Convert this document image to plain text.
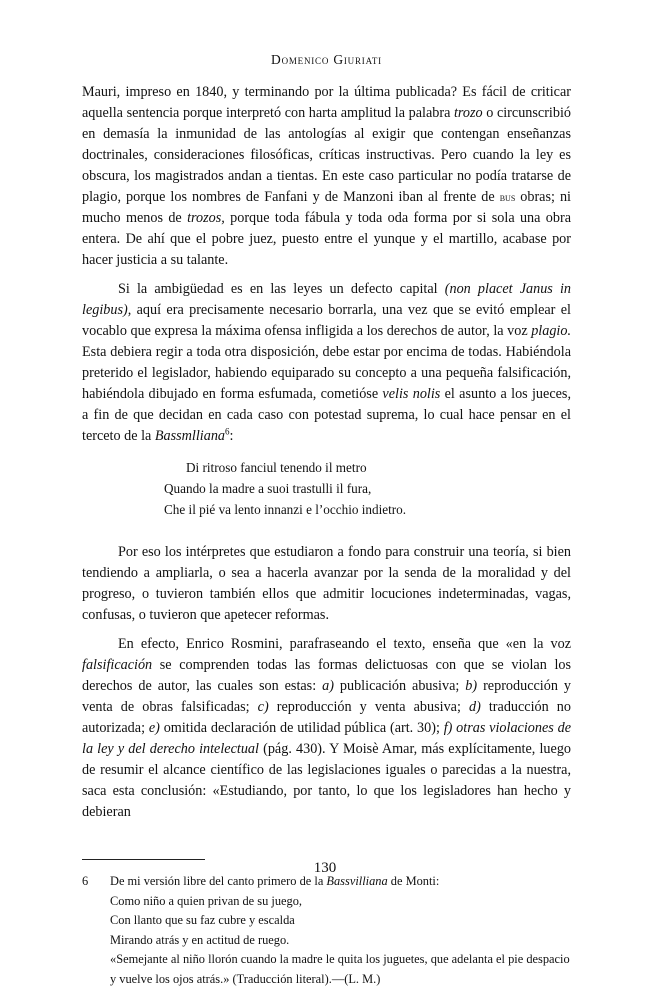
Domenico Giuriati

Mauri, impreso en 1840, y terminando por la última publicada? Es fácil de criticar aquella sentencia porque interpretó con harta amplitud la palabra trozo o circunscribió en demasía la inmunidad de las antologías al exigir que contengan enseñanzas doctrinales, consideraciones filosóficas, críticas instructivas. Pero cuando la ley es obscura, los magistrados andan a tientas. En este caso particular no podía tratarse de plagio, porque los nombres de Fanfani y de Manzoni iban al frente de bus obras; ni mucho menos de trozos, porque toda fábula y toda oda forma por si sola una obra entera. De ahí que el pobre juez, puesto entre el yunque y el martillo, acabase por hacer justicia a su talante.

Si la ambigüedad es en las leyes un defecto capital (non placet Janus in legibus), aquí era precisamente necesario borrarla, una vez que se evitó emplear el vocablo que expresa la máxima ofensa infligida a los derechos de autor, la voz plagio. Esta debiera regir a toda otra disposición, debe estar por encima de todas. Habiéndola preterido el legislador, habiendo equiparado su concepto a una pequeña falsificación, habiéndola dibujado en forma esfumada, cometióse velis nolis el asunto a los jueces, a fin de que decidan en cada caso con potestad suprema, lo cual hace pensar en el terceto de la Bassmlliana$^6$:

Di ritroso fanciul tenendo il metro
Quando la madre a suoi trastulli il fura,
Che il pié va lento innanzi e l’occhio indietro.

Por eso los intérpretes que estudiaron a fondo para construir una teoría, si bien tendiendo a ampliarla, o sea a hacerla avanzar por la senda de la moralidad y del progreso, o tuvieron también ellos que admitir locuciones indeterminadas, vagas, confusas, o tuvieron que apetecer reformas.

En efecto, Enrico Rosmini, parafraseando el texto, enseña que «en la voz falsificación se comprenden todas las formas delictuosas con que se violan los derechos de autor, las cuales son estas: a) publicación abusiva; b) reproducción y venta de obras falsificadas; c) reproducción y venta abusiva; d) traducción no autorizada; e) omitida declaración de utilidad pública (art. 30); f) otras violaciones de la ley y del derecho intelectual (pág. 430). Y Moisè Amar, más explícitamente, luego de resumir el alcance científico de las legislaciones iguales o parecidas a la nuestra, saca esta conclusión: «Estudiando, por tanto, lo que los legisladores han hecho y debieran

6	De mi versión libre del canto primero de la Bassvilliana de Monti:
Como niño a quien privan de su juego,
Con llanto que su faz cubre y escalda
Mirando atrás y en actitud de ruego.
«Semejante al niño llorón cuando la madre le quita los juguetes, que adelanta el pie despacio y vuelve los ojos atrás.» (Traducción literal).—(L. M.)
130
